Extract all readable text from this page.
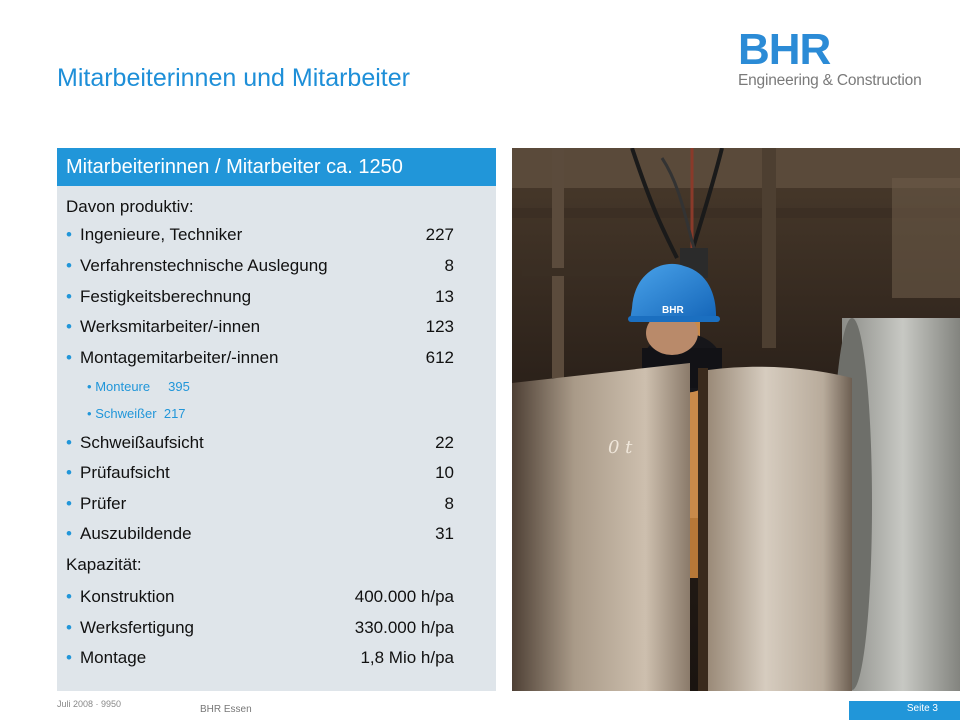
Mitarbeiterinnen und Mitarbeiter
BHR
Engineering & Construction
Mitarbeiterinnen / Mitarbeiter ca. 1250
Davon produktiv:
• Ingenieure, Techniker	227
• Verfahrenstechnische Auslegung	8
• Festigkeitsberechnung	13
• Werksmitarbeiter/-innen	123
• Montagemitarbeiter/-innen	612
• Monteure 395
• Schweißer 217
• Schweißaufsicht	22
• Prüfaufsicht	10
• Prüfer	8
• Auszubildende	31
Kapazität:
• Konstruktion	400.000 h/pa
• Werksfertigung	330.000 h/pa
• Montage	1,8 Mio h/pa
BHR
0 t
Juli 2008 · 9950	BHR Essen	Seite 3
